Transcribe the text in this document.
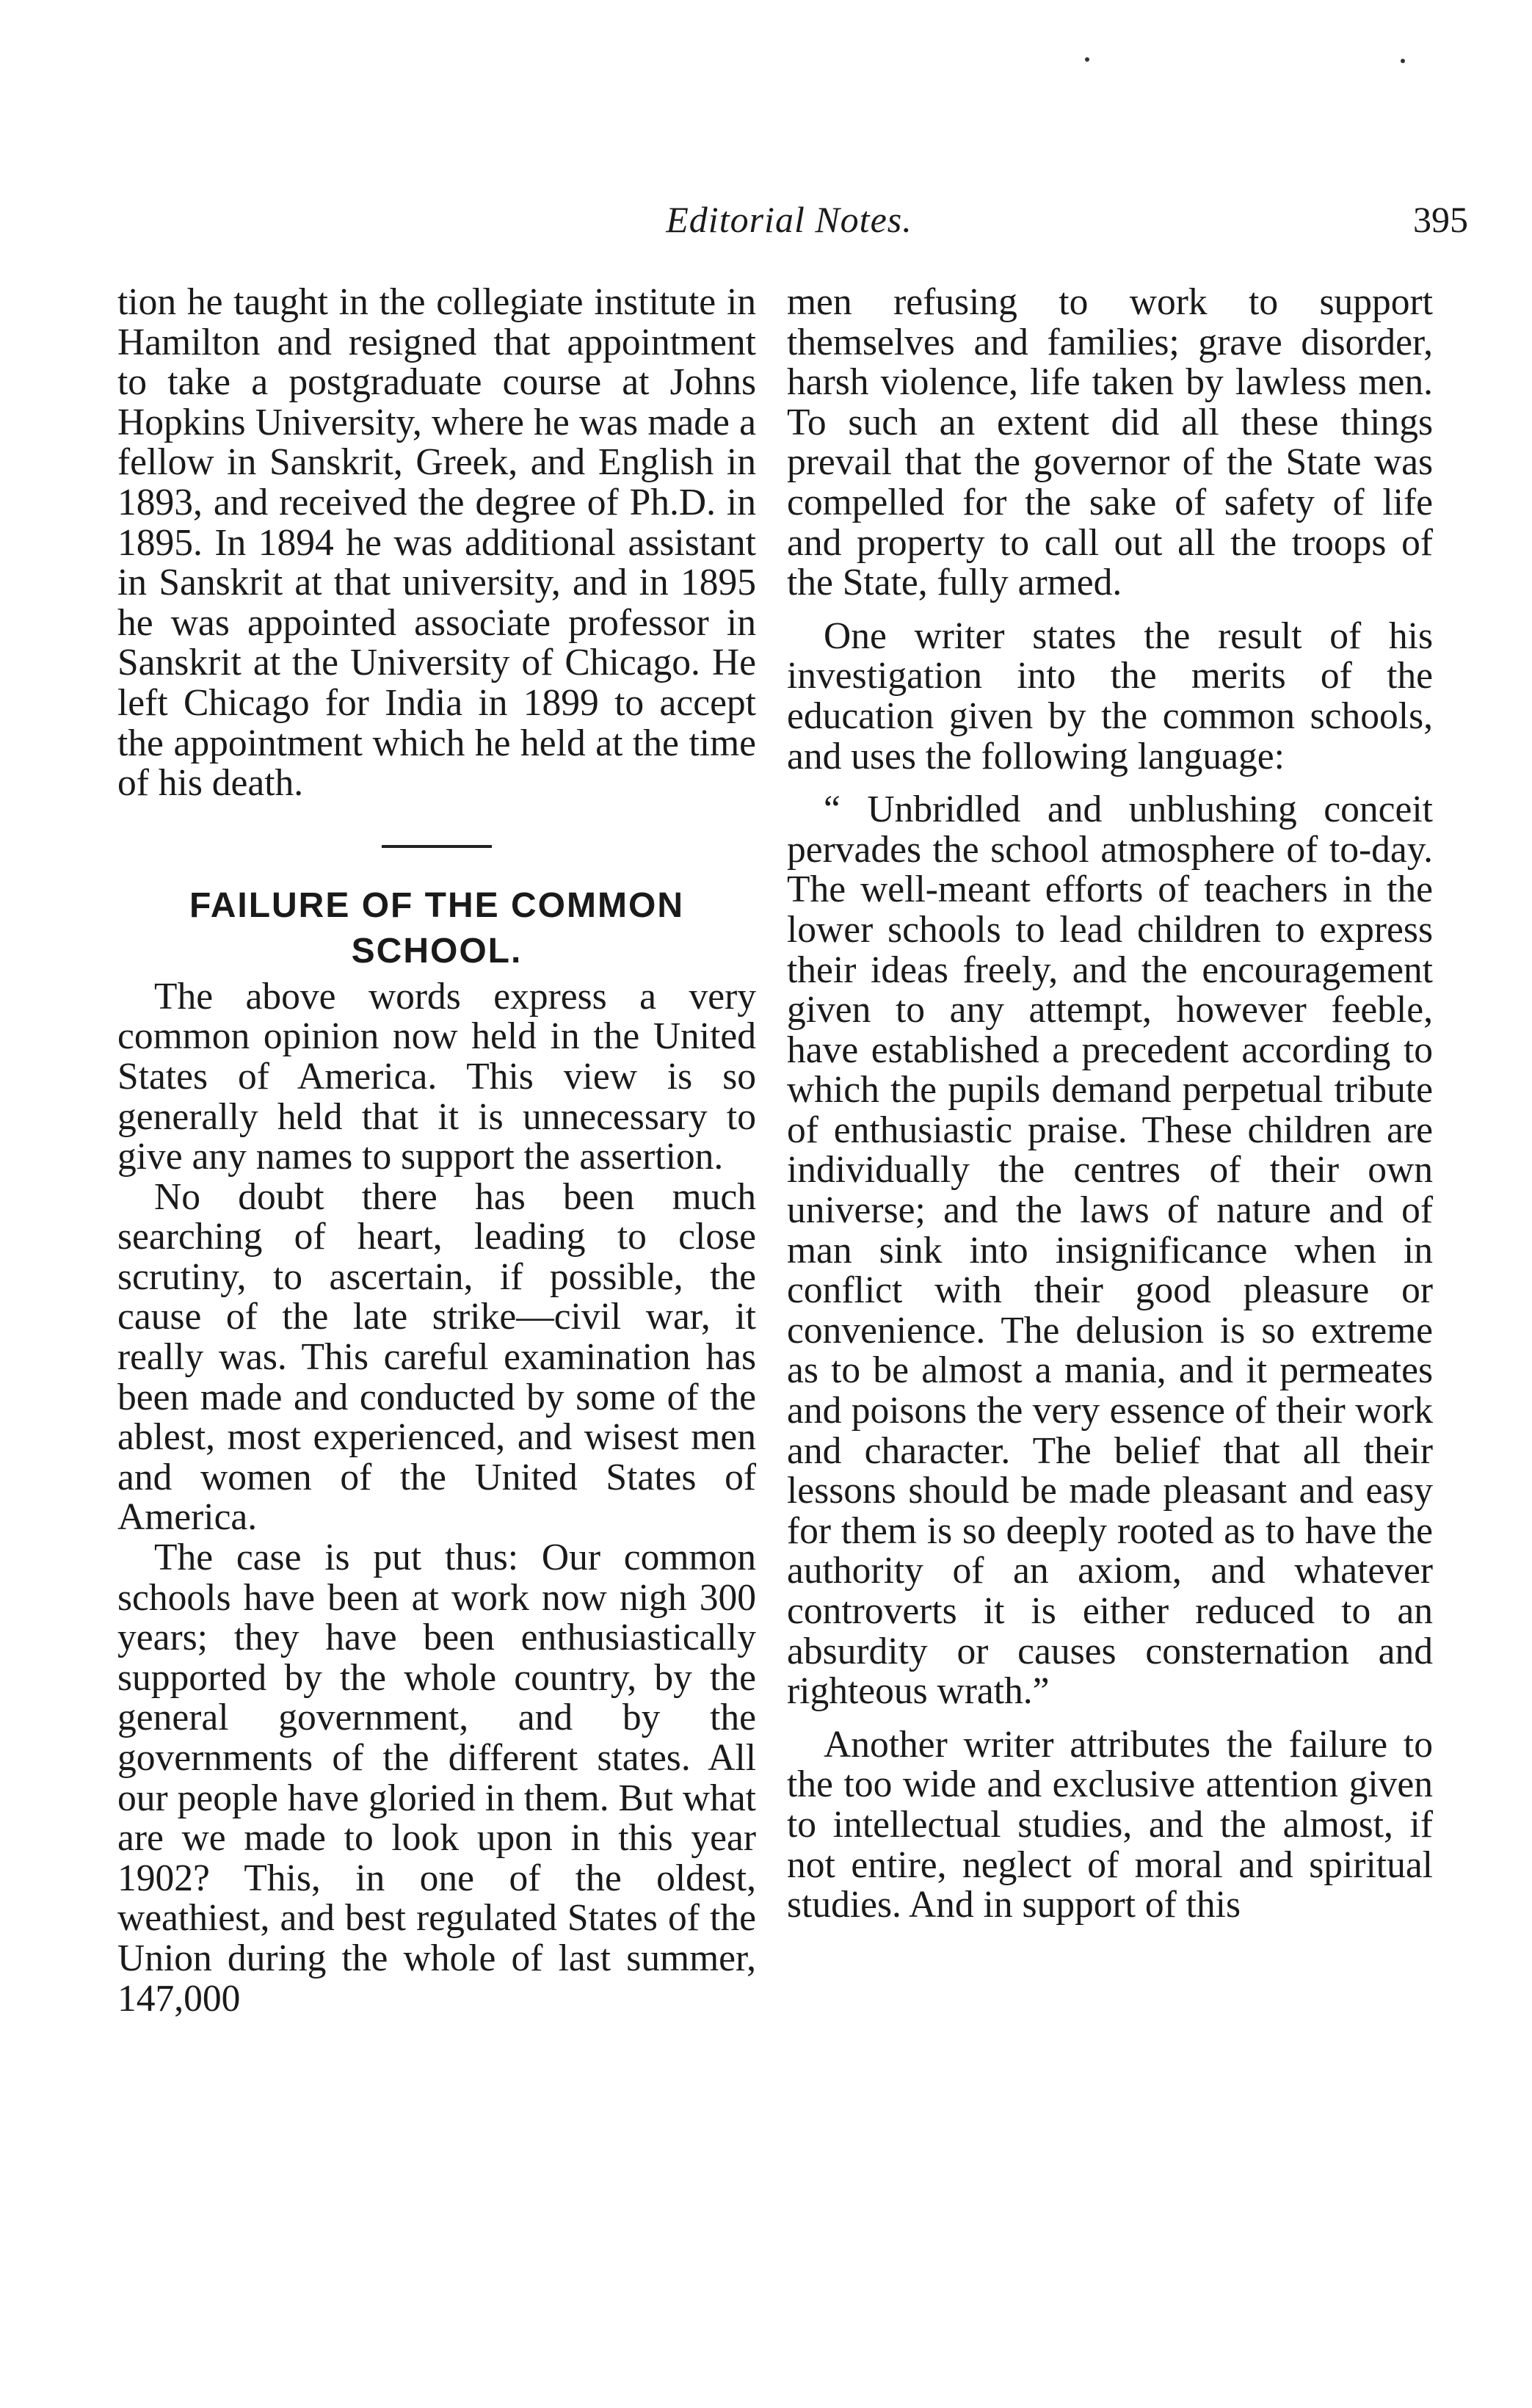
Editorial Notes.	395

tion he taught in the collegiate institute in Hamilton and resigned that appointment to take a postgraduate course at Johns Hopkins University, where he was made a fellow in Sanskrit, Greek, and English in 1893, and received the degree of Ph.D. in 1895. In 1894 he was additional assistant in Sanskrit at that university, and in 1895 he was appointed associate professor in Sanskrit at the University of Chicago. He left Chicago for India in 1899 to accept the appointment which he held at the time of his death.

FAILURE OF THE COMMON
SCHOOL.

The above words express a very common opinion now held in the United States of America. This view is so generally held that it is unnecessary to give any names to support the assertion.

No doubt there has been much searching of heart, leading to close scrutiny, to ascertain, if possible, the cause of the late strike—civil war, it really was. This careful examination has been made and conducted by some of the ablest, most experienced, and wisest men and women of the United States of America.

The case is put thus: Our common schools have been at work now nigh 300 years; they have been enthusiastically supported by the whole country, by the general government, and by the governments of the different states. All our people have gloried in them. But what are we made to look upon in this year 1902? This, in one of the oldest, weathiest, and best regulated States of the Union during the whole of last summer, 147,000

men refusing to work to support themselves and families; grave disorder, harsh violence, life taken by lawless men. To such an extent did all these things prevail that the governor of the State was compelled for the sake of safety of life and property to call out all the troops of the State, fully armed.

One writer states the result of his investigation into the merits of the education given by the common schools, and uses the following language:

“ Unbridled and unblushing conceit pervades the school atmosphere of to-day. The well-meant efforts of teachers in the lower schools to lead children to express their ideas freely, and the encouragement given to any attempt, however feeble, have established a precedent according to which the pupils demand perpetual tribute of enthusiastic praise. These children are individually the centres of their own universe; and the laws of nature and of man sink into insignificance when in conflict with their good pleasure or convenience. The delusion is so extreme as to be almost a mania, and it permeates and poisons the very essence of their work and character. The belief that all their lessons should be made pleasant and easy for them is so deeply rooted as to have the authority of an axiom, and whatever controverts it is either reduced to an absurdity or causes consternation and righteous wrath.”

Another writer attributes the failure to the too wide and exclusive attention given to intellectual studies, and the almost, if not entire, neglect of moral and spiritual studies. And in support of this
